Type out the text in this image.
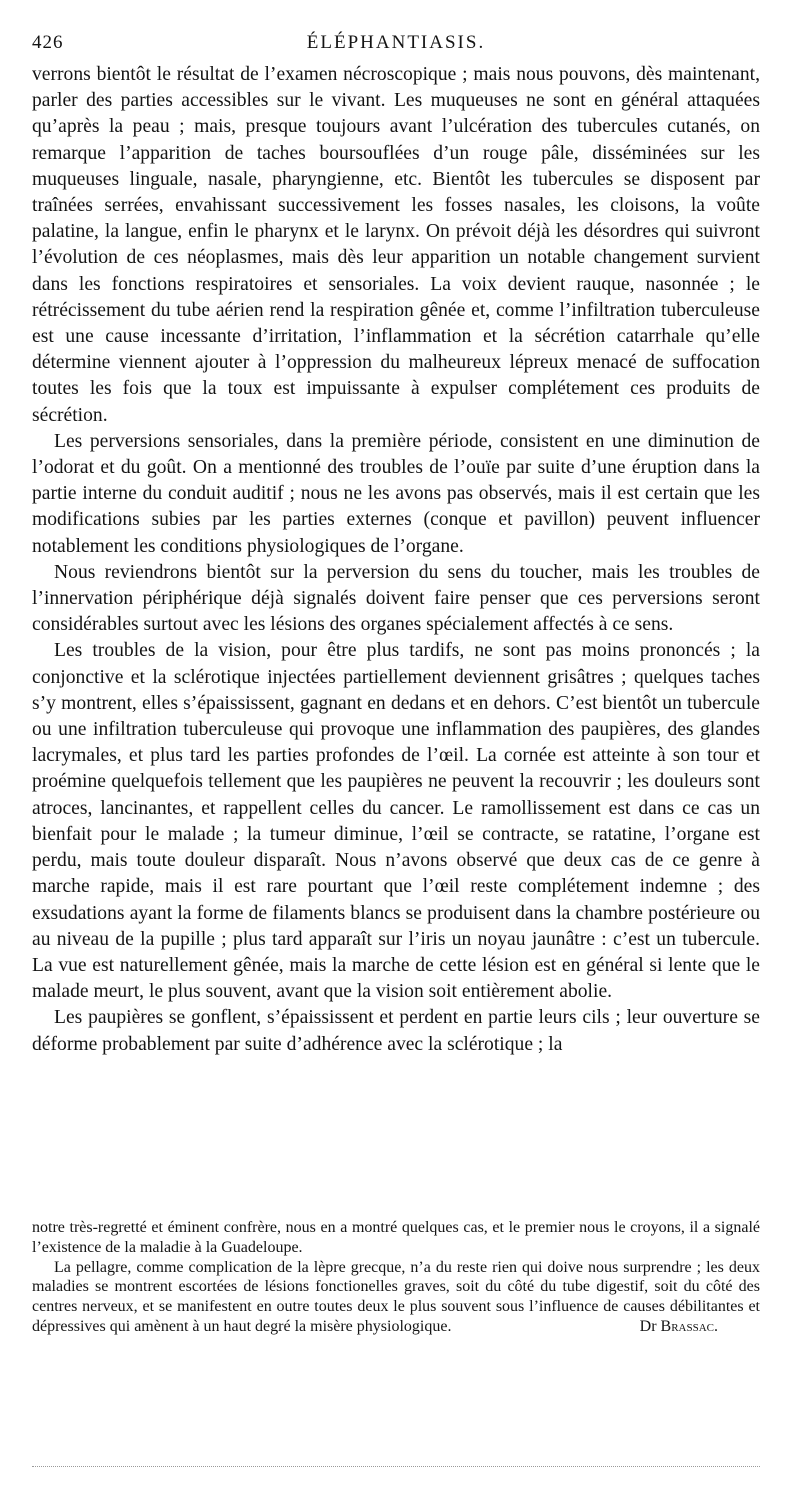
426	ÉLÉPHANTIASIS.

verrons bientôt le résultat de l’examen nécroscopique ; mais nous pouvons, dès maintenant, parler des parties accessibles sur le vivant. Les muqueuses ne sont en général attaquées qu’après la peau ; mais, presque toujours avant l’ulcération des tubercules cutanés, on remarque l’apparition de taches boursouflées d’un rouge pâle, disséminées sur les muqueuses linguale, nasale, pharyngienne, etc. Bientôt les tubercules se disposent par traînées serrées, envahissant successivement les fosses nasales, les cloisons, la voûte palatine, la langue, enfin le pharynx et le larynx. On prévoit déjà les désordres qui suivront l’évolution de ces néoplasmes, mais dès leur apparition un notable changement survient dans les fonctions respiratoires et sensoriales. La voix devient rauque, nasonnée ; le rétrécissement du tube aérien rend la respiration gênée et, comme l’infiltration tuberculeuse est une cause incessante d’irritation, l’inflammation et la sécrétion catarrhale qu’elle détermine viennent ajouter à l’oppression du malheureux lépreux menacé de suffocation toutes les fois que la toux est impuissante à expulser complétement ces produits de sécrétion.

Les perversions sensoriales, dans la première période, consistent en une diminution de l’odorat et du goût. On a mentionné des troubles de l’ouïe par suite d’une éruption dans la partie interne du conduit auditif ; nous ne les avons pas observés, mais il est certain que les modifications subies par les parties externes (conque et pavillon) peuvent influencer notablement les conditions physiologiques de l’organe.

Nous reviendrons bientôt sur la perversion du sens du toucher, mais les troubles de l’innervation périphérique déjà signalés doivent faire penser que ces perversions seront considérables surtout avec les lésions des organes spécialement affectés à ce sens.

Les troubles de la vision, pour être plus tardifs, ne sont pas moins prononcés ; la conjonctive et la sclérotique injectées partiellement deviennent grisâtres ; quelques taches s’y montrent, elles s’épaississent, gagnant en dedans et en dehors. C’est bientôt un tubercule ou une infiltration tuberculeuse qui provoque une inflammation des paupières, des glandes lacrymales, et plus tard les parties profondes de l’œil. La cornée est atteinte à son tour et proémine quelquefois tellement que les paupières ne peuvent la recouvrir ; les douleurs sont atroces, lancinantes, et rappellent celles du cancer. Le ramollissement est dans ce cas un bienfait pour le malade ; la tumeur diminue, l’œil se contracte, se ratatine, l’organe est perdu, mais toute douleur disparaît. Nous n’avons observé que deux cas de ce genre à marche rapide, mais il est rare pourtant que l’œil reste complétement indemne ; des exsudations ayant la forme de filaments blancs se produisent dans la chambre postérieure ou au niveau de la pupille ; plus tard apparaît sur l’iris un noyau jaunâtre : c’est un tubercule. La vue est naturellement gênée, mais la marche de cette lésion est en général si lente que le malade meurt, le plus souvent, avant que la vision soit entièrement abolie.

Les paupières se gonflent, s’épaississent et perdent en partie leurs cils ; leur ouverture se déforme probablement par suite d’adhérence avec la sclérotique ; la

notre très-regretté et éminent confrère, nous en a montré quelques cas, et le premier nous le croyons, il a signalé l’existence de la maladie à la Guadeloupe.

La pellagre, comme complication de la lèpre grecque, n’a du reste rien qui doive nous surprendre ; les deux maladies se montrent escortées de lésions fonctionelles graves, soit du côté du tube digestif, soit du côté des centres nerveux, et se manifestent en outre toutes deux le plus souvent sous l’influence de causes débilitantes et dépressives qui amènent à un haut degré la misère physiologique.	Dr Brassac.
